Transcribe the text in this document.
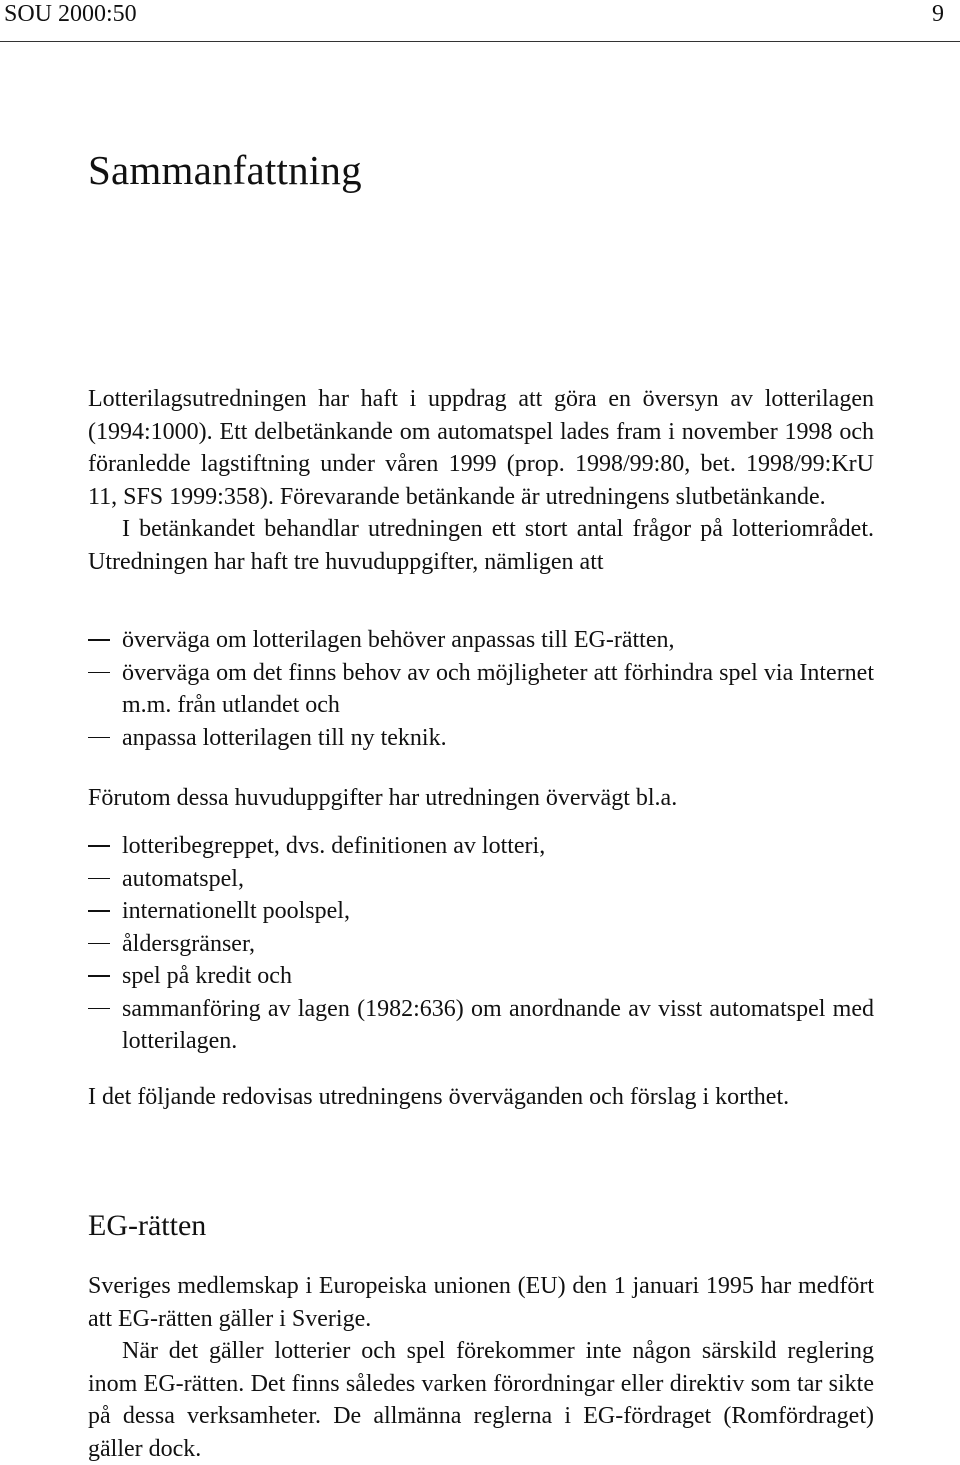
SOU 2000:50	9
Sammanfattning

Lotterilagsutredningen har haft i uppdrag att göra en översyn av lotterilagen (1994:1000). Ett delbetänkande om automatspel lades fram i november 1998 och föranledde lagstiftning under våren 1999 (prop. 1998/99:80, bet. 1998/99:KrU 11, SFS 1999:358). Förevarande betänkande är utredningens slutbetänkande.

I betänkandet behandlar utredningen ett stort antal frågor på lotteriområdet. Utredningen har haft tre huvuduppgifter, nämligen att

överväga om lotterilagen behöver anpassas till EG-rätten,
överväga om det finns behov av och möjligheter att förhindra spel via Internet m.m. från utlandet och
anpassa lotterilagen till ny teknik.

Förutom dessa huvuduppgifter har utredningen övervägt bl.a.

lotteribegreppet, dvs. definitionen av lotteri,
automatspel,
internationellt poolspel,
åldersgränser,
spel på kredit och
sammanföring av lagen (1982:636) om anordnande av visst automatspel med lotterilagen.

I det följande redovisas utredningens överväganden och förslag i korthet.

EG-rätten

Sveriges medlemskap i Europeiska unionen (EU) den 1 januari 1995 har medfört att EG-rätten gäller i Sverige.

När det gäller lotterier och spel förekommer inte någon särskild reglering inom EG-rätten. Det finns således varken förordningar eller direktiv som tar sikte på dessa verksamheter. De allmänna reglerna i EG-fördraget (Romfördraget) gäller dock.
